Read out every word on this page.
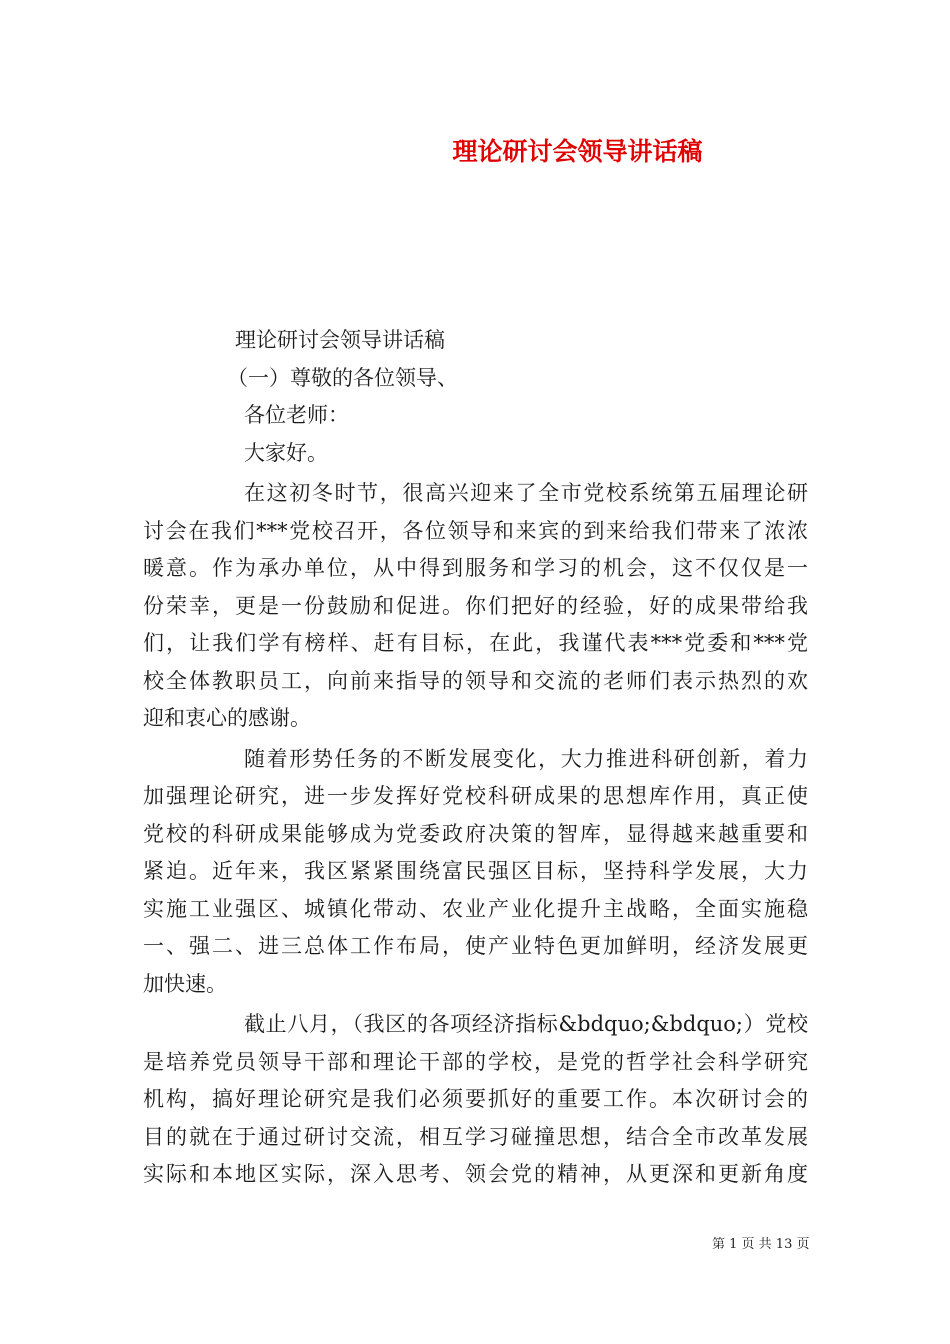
理论研讨会领导讲话稿
理论研讨会领导讲话稿
（一）尊敬的各位领导、
各位老师：
大家好。
在这初冬时节，很高兴迎来了全市党校系统第五届理论研
讨会在我们***党校召开，各位领导和来宾的到来给我们带来了浓浓
暖意。作为承办单位，从中得到服务和学习的机会，这不仅仅是一
份荣幸，更是一份鼓励和促进。你们把好的经验，好的成果带给我
们，让我们学有榜样、赶有目标，在此，我谨代表***党委和***党
校全体教职员工，向前来指导的领导和交流的老师们表示热烈的欢
迎和衷心的感谢。
随着形势任务的不断发展变化，大力推进科研创新，着力
加强理论研究，进一步发挥好党校科研成果的思想库作用，真正使
党校的科研成果能够成为党委政府决策的智库，显得越来越重要和
紧迫。近年来，我区紧紧围绕富民强区目标，坚持科学发展，大力
实施工业强区、城镇化带动、农业产业化提升主战略，全面实施稳
一、强二、进三总体工作布局，使产业特色更加鲜明，经济发展更
加快速。
截止八月，（我区的各项经济指标&bdquo;&bdquo;）党校
是培养党员领导干部和理论干部的学校，是党的哲学社会科学研究
机构，搞好理论研究是我们必须要抓好的重要工作。本次研讨会的
目的就在于通过研讨交流，相互学习碰撞思想，结合全市改革发展
实际和本地区实际，深入思考、领会党的精神，从更深和更新角度
第 1 页 共 13 页
